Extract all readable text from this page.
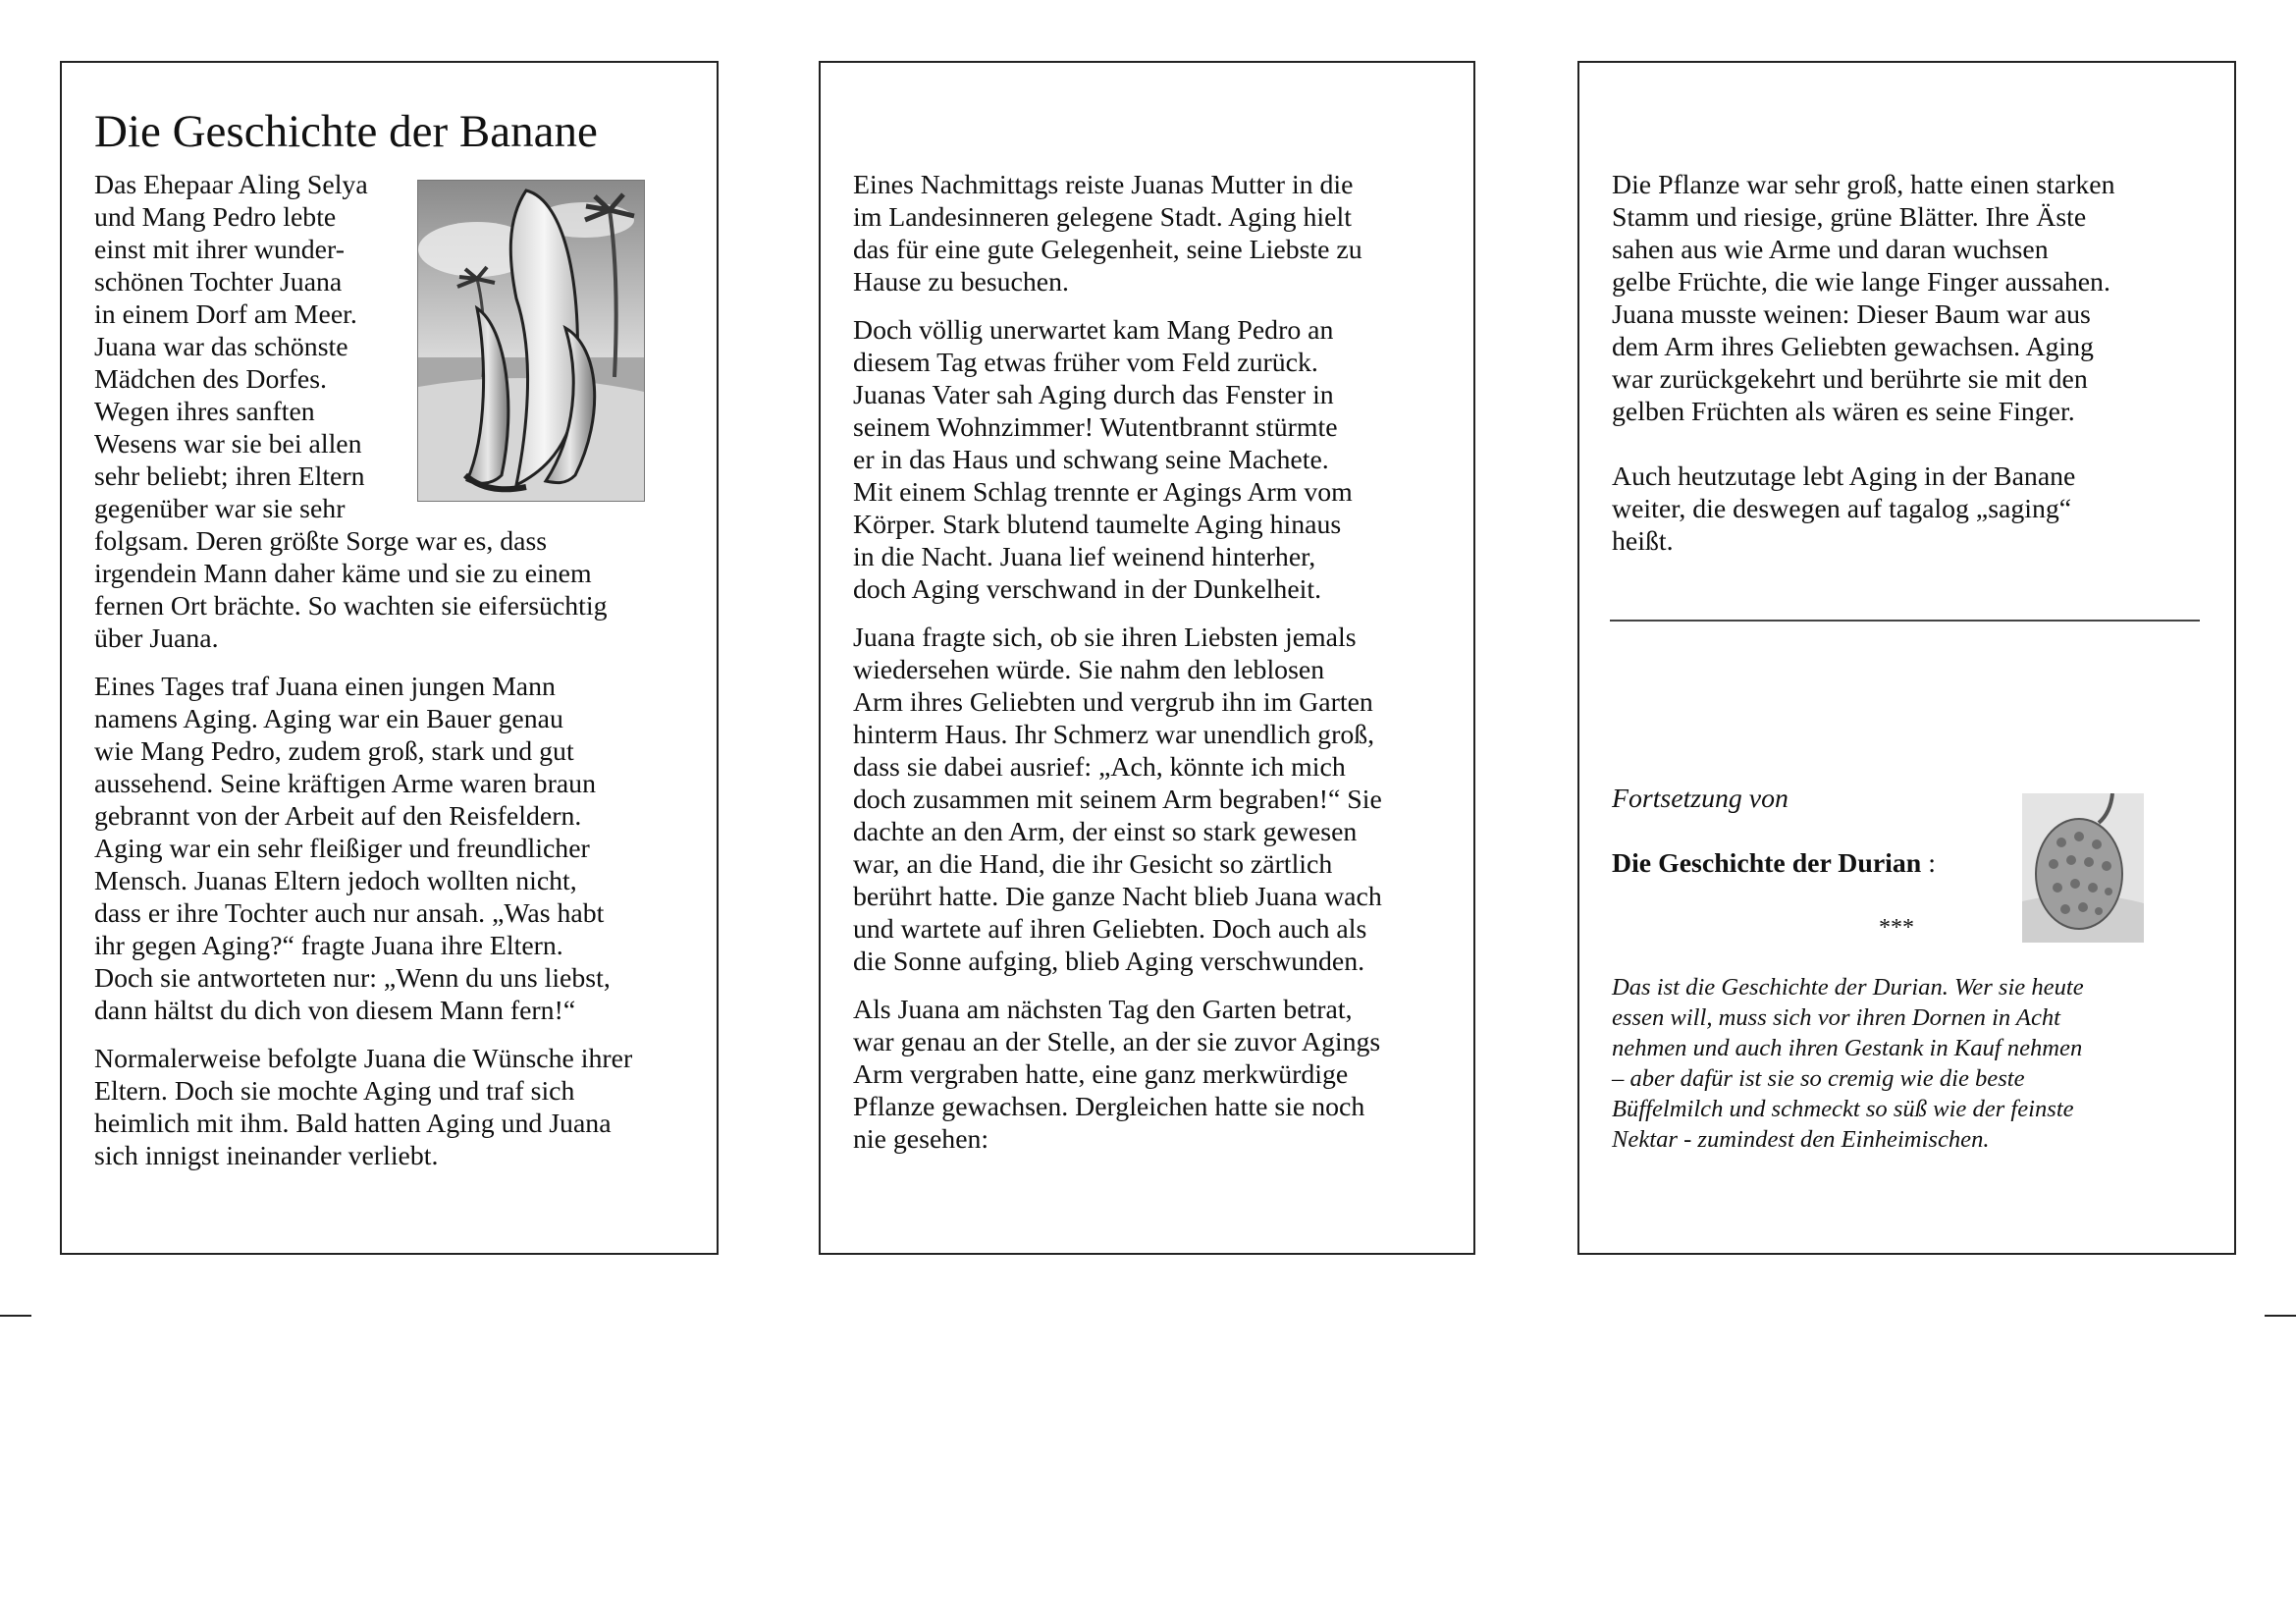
Die Geschichte der Banane

Das Ehepaar Aling Selya
und Mang Pedro lebte
einst mit ihrer wunder-
schönen Tochter Juana
in einem Dorf am Meer.
Juana war das schönste
Mädchen des Dorfes.
Wegen ihres sanften
Wesens war sie bei allen
sehr beliebt; ihren Eltern
gegenüber war sie sehr
folgsam. Deren größte Sorge war es, dass
irgendein Mann daher käme und sie zu einem
fernen Ort brächte. So wachten sie eifersüchtig
über Juana.

Eines Tages traf Juana einen jungen Mann
namens Aging. Aging war ein Bauer genau
wie Mang Pedro, zudem groß, stark und gut
aussehend. Seine kräftigen Arme waren braun
gebrannt von der Arbeit auf den Reisfeldern.
Aging war ein sehr fleißiger und freundlicher
Mensch. Juanas Eltern jedoch wollten nicht,
dass er ihre Tochter auch nur ansah. „Was habt
ihr gegen Aging?“ fragte Juana ihre Eltern.
Doch sie antworteten nur: „Wenn du uns liebst,
dann hältst du dich von diesem Mann fern!“

Normalerweise befolgte Juana die Wünsche ihrer
Eltern. Doch sie mochte Aging und traf sich
heimlich mit ihm. Bald hatten Aging und Juana
sich innigst ineinander verliebt.

Eines Nachmittags reiste Juanas Mutter in die
im Landesinneren gelegene Stadt. Aging hielt
das für eine gute Gelegenheit, seine Liebste zu
Hause zu besuchen.

Doch völlig unerwartet kam Mang Pedro an
diesem Tag etwas früher vom Feld zurück.
Juanas Vater sah Aging durch das Fenster in
seinem Wohnzimmer! Wutentbrannt stürmte
er in das Haus und schwang seine Machete.
Mit einem Schlag trennte er Agings Arm vom
Körper. Stark blutend taumelte Aging hinaus
in die Nacht. Juana lief weinend hinterher,
doch Aging verschwand in der Dunkelheit.

Juana fragte sich, ob sie ihren Liebsten jemals
wiedersehen würde. Sie nahm den leblosen
Arm ihres Geliebten und vergrub ihn im Garten
hinterm Haus. Ihr Schmerz war unendlich groß,
dass sie dabei ausrief: „Ach, könnte ich mich
doch zusammen mit seinem Arm begraben!“ Sie
dachte an den Arm, der einst so stark gewesen
war, an die Hand, die ihr Gesicht so zärtlich
berührt hatte. Die ganze Nacht blieb Juana wach
und wartete auf ihren Geliebten. Doch auch als
die Sonne aufging, blieb Aging verschwunden.

Als Juana am nächsten Tag den Garten betrat,
war genau an der Stelle, an der sie zuvor Agings
Arm vergraben hatte, eine ganz merkwürdige
Pflanze gewachsen. Dergleichen hatte sie noch
nie gesehen:

Die Pflanze war sehr groß, hatte einen starken
Stamm und riesige, grüne Blätter. Ihre Äste
sahen aus wie Arme und daran wuchsen
gelbe Früchte, die wie lange Finger aussahen.
Juana musste weinen: Dieser Baum war aus
dem Arm ihres Geliebten gewachsen. Aging
war zurückgekehrt und berührte sie mit den
gelben Früchten als wären es seine Finger.

Auch heutzutage lebt Aging in der Banane
weiter, die deswegen auf tagalog „saging“
heißt.

Fortsetzung von

Die Geschichte der Durian :

***

Das ist die Geschichte der Durian. Wer sie heute
essen will, muss sich vor ihren Dornen in Acht
nehmen und auch ihren Gestank in Kauf nehmen
– aber dafür ist sie so cremig wie die beste
Büffelmilch und schmeckt so süß wie der feinste
Nektar - zumindest den Einheimischen.
